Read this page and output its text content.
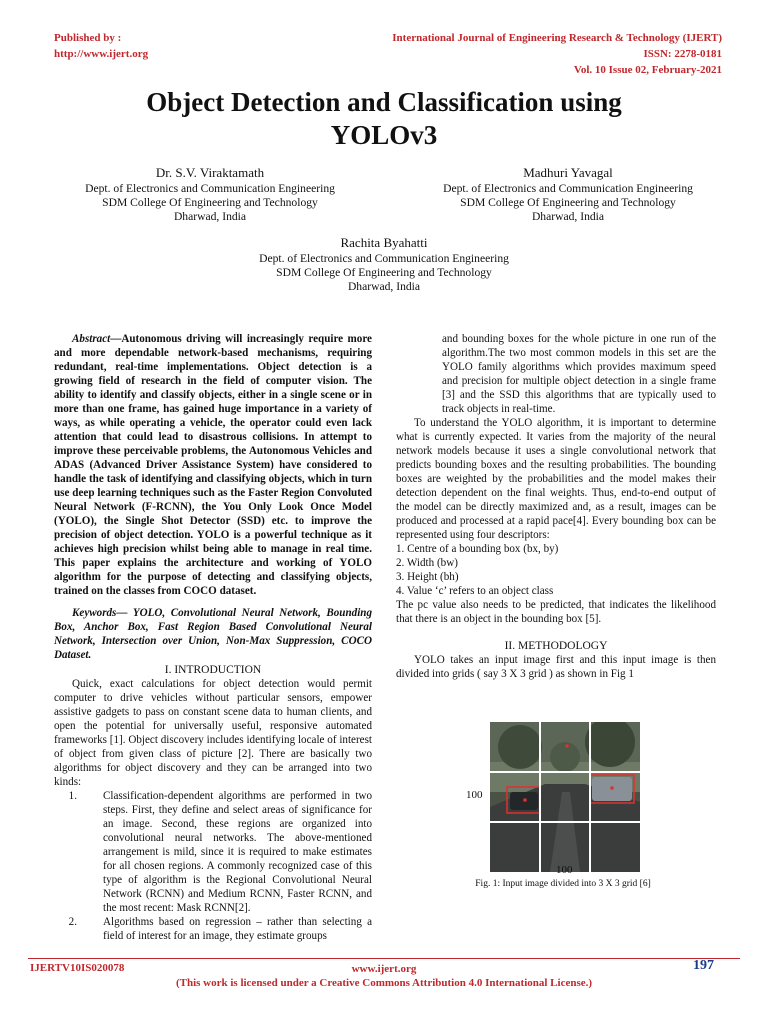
Published by :
http://www.ijert.org
International Journal of Engineering Research & Technology (IJERT)
ISSN: 2278-0181
Vol. 10 Issue 02, February-2021
Object Detection and Classification using
YOLOv3
Dr. S.V. Viraktamath
Dept. of Electronics and Communication Engineering
SDM College Of Engineering and Technology
Dharwad, India
Madhuri Yavagal
Dept. of Electronics and Communication Engineering
SDM College Of Engineering and Technology
Dharwad, India
Rachita Byahatti
Dept. of Electronics and Communication Engineering
SDM College Of Engineering and Technology
Dharwad, India

Abstract—Autonomous driving will increasingly require more and more dependable network-based mechanisms, requiring redundant, real-time implementations. Object detection is a growing field of research in the field of computer vision. The ability to identify and classify objects, either in a single scene or in more than one frame, has gained huge importance in a variety of ways, as while operating a vehicle, the operator could even lack attention that could lead to disastrous collisions. In attempt to improve these perceivable problems, the Autonomous Vehicles and ADAS (Advanced Driver Assistance System) have considered to handle the task of identifying and classifying objects, which in turn use deep learning techniques such as the Faster Region Convoluted Neural Network (F-RCNN), the You Only Look Once Model (YOLO), the Single Shot Detector (SSD) etc. to improve the precision of object detection. YOLO is a powerful technique as it achieves high precision whilst being able to manage in real time. This paper explains the architecture and working of YOLO algorithm for the purpose of detecting and classifying objects, trained on the classes from COCO dataset.

Keywords— YOLO, Convolutional Neural Network, Bounding Box, Anchor Box, Fast Region Based Convolutional Neural Network, Intersection over Union, Non-Max Suppression, COCO Dataset.

I. INTRODUCTION

Quick, exact calculations for object detection would permit computer to drive vehicles without particular sensors, empower assistive gadgets to pass on constant scene data to human clients, and open the potential for universally useful, responsive automated frameworks [1]. Object discovery includes identifying locale of interest of object from given class of picture [2]. There are basically two algorithms for object discovery and they can be arranged into two kinds:

1. Classification-dependent algorithms are performed in two steps. First, they define and select areas of significance for an image. Second, these regions are organized into convolutional neural networks. The above-mentioned arrangement is mild, since it is required to make estimates for all chosen regions. A commonly recognized case of this type of algorithm is the Regional Convolutional Neural Network (RCNN) and Medium RCNN, Faster RCNN, and the most recent: Mask RCNN[2].
2. Algorithms based on regression – rather than selecting a field of interest for an image, they estimate groups

and bounding boxes for the whole picture in one run of the algorithm.The two most common models in this set are the YOLO family algorithms which provides maximum speed and precision for multiple object detection in a single frame [3] and the SSD this algorithms that are typically used to track objects in real-time.

To understand the YOLO algorithm, it is important to determine what is currently expected. It varies from the majority of the neural network models because it uses a single convolutional network that predicts bounding boxes and the resulting probabilities. The bounding boxes are weighted by the probabilities and the model makes their detection dependent on the final weights. Thus, end-to-end output of the model can be directly maximized and, as a result, images can be produced and processed at a rapid pace[4]. Every bounding box can be represented using four descriptors:

1. Centre of a bounding box (bx, by)
2. Width (bw)
3. Height (bh)
4. Value ‘c’ refers to an object class

The pc value also needs to be predicted, that indicates the likelihood that there is an object in the bounding box [5].

II. METHODOLOGY

YOLO takes an input image first and this input image is then divided into grids ( say 3 X 3 grid ) as shown in Fig 1

100
100
Fig. 1: Input image divided into 3 X 3 grid [6]
IJERTV10IS020078	www.ijert.org
(This work is licensed under a Creative Commons Attribution 4.0 International License.)
197
